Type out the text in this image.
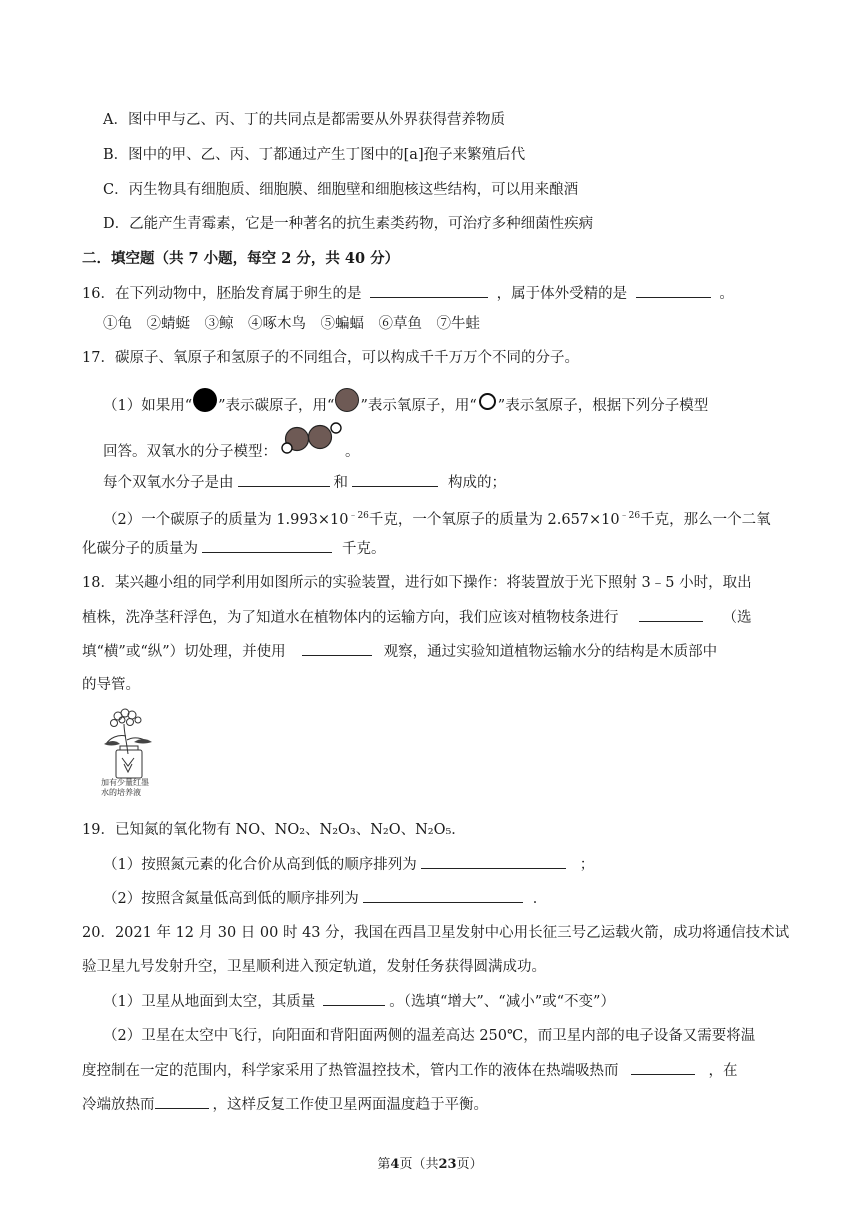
A．图中甲与乙、丙、丁的共同点是都需要从外界获得营养物质
B．图中的甲、乙、丙、丁都通过产生丁图中的[a]孢子来繁殖后代
C．丙生物具有细胞质、细胞膜、细胞壁和细胞核这些结构，可以用来酿酒
D．乙能产生青霉素，它是一种著名的抗生素类药物，可治疗多种细菌性疾病
二．填空题（共 7 小题，每空 2 分，共 40 分）
16．在下列动物中，胚胎发育属于卵生的是	，属于体外受精的是	。
①龟　②蜻蜓　③鲸　④啄木鸟　⑤蝙蝠　⑥草鱼　⑦牛蛙
17．碳原子、氧原子和氢原子的不同组合，可以构成千千万万个不同的分子。
（1）如果用“ ”表示碳原子，用“ ”表示氧原子，用“ ”表示氢原子，根据下列分子模型
回答。双氧水的分子模型：	。
每个双氧水分子是由	和	构成的；
（2）一个碳原子的质量为 $1.993\times 10^{﹣26}$千克，一个氧原子的质量为 $2.657\times 10^{﹣26}$千克，那么一个二氧
化碳分子的质量为	千克。
18．某兴趣小组的同学利用如图所示的实验装置，进行如下操作：将装置放于光下照射 3﹣5 小时，取出
植株，洗净茎秆浮色，为了知道水在植物体内的运输方向，我们应该对植物枝条进行	（选
填“横”或“纵”）切处理，并使用	观察，通过实验知道植物运输水分的结构是木质部中
的导管。
加有少量红墨
水的培养液
19．已知氮的氧化物有 NO、NO₂、N₂O₃、N₂O、N₂O₅．
（1）按照氮元素的化合价从高到低的顺序排列为	；
（2）按照含氮量低高到低的顺序排列为	．
20．2021 年 12 月 30 日 00 时 43 分，我国在西昌卫星发射中心用长征三号乙运载火箭，成功将通信技术试
验卫星九号发射升空，卫星顺利进入预定轨道，发射任务获得圆满成功。
（1）卫星从地面到太空，其质量	。（选填“增大”、“减小”或“不变”）
（2）卫星在太空中飞行，向阳面和背阳面两侧的温差高达 250℃，而卫星内部的电子设备又需要将温
度控制在一定的范围内，科学家采用了热管温控技术，管内工作的液体在热端吸热而	，在
冷端放热而	，这样反复工作使卫星两面温度趋于平衡。
第4页（共23页）
